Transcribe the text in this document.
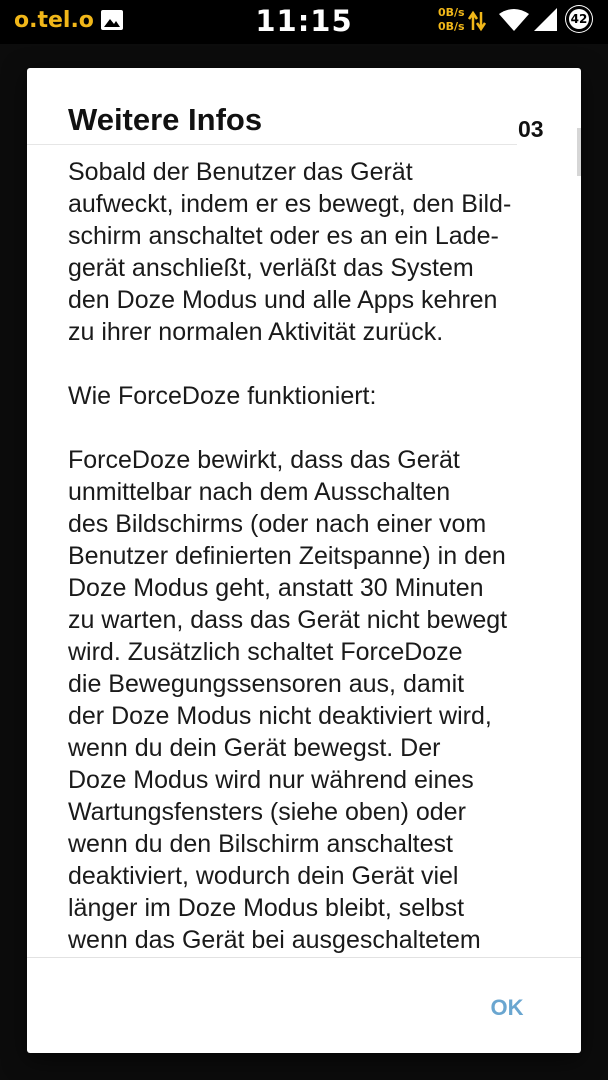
o.tel.o	11:15	0B/s
0B/s
42
Weitere Infos	03

Sobald der Benutzer das Gerät
aufweckt, indem er es bewegt, den Bild-
schirm anschaltet oder es an ein Lade-
gerät anschließt, verläßt das System
den Doze Modus und alle Apps kehren
zu ihrer normalen Aktivität zurück.

Wie ForceDoze funktioniert:

ForceDoze bewirkt, dass das Gerät
unmittelbar nach dem Ausschalten
des Bildschirms (oder nach einer vom
Benutzer definierten Zeitspanne) in den
Doze Modus geht, anstatt 30 Minuten
zu warten, dass das Gerät nicht bewegt
wird. Zusätzlich schaltet ForceDoze
die Bewegungssensoren aus, damit
der Doze Modus nicht deaktiviert wird,
wenn du dein Gerät bewegst. Der
Doze Modus wird nur während eines
Wartungsfensters (siehe oben) oder
wenn du den Bilschirm anschaltest
deaktiviert, wodurch dein Gerät viel
länger im Doze Modus bleibt, selbst
wenn das Gerät bei ausgeschaltetem

OK
